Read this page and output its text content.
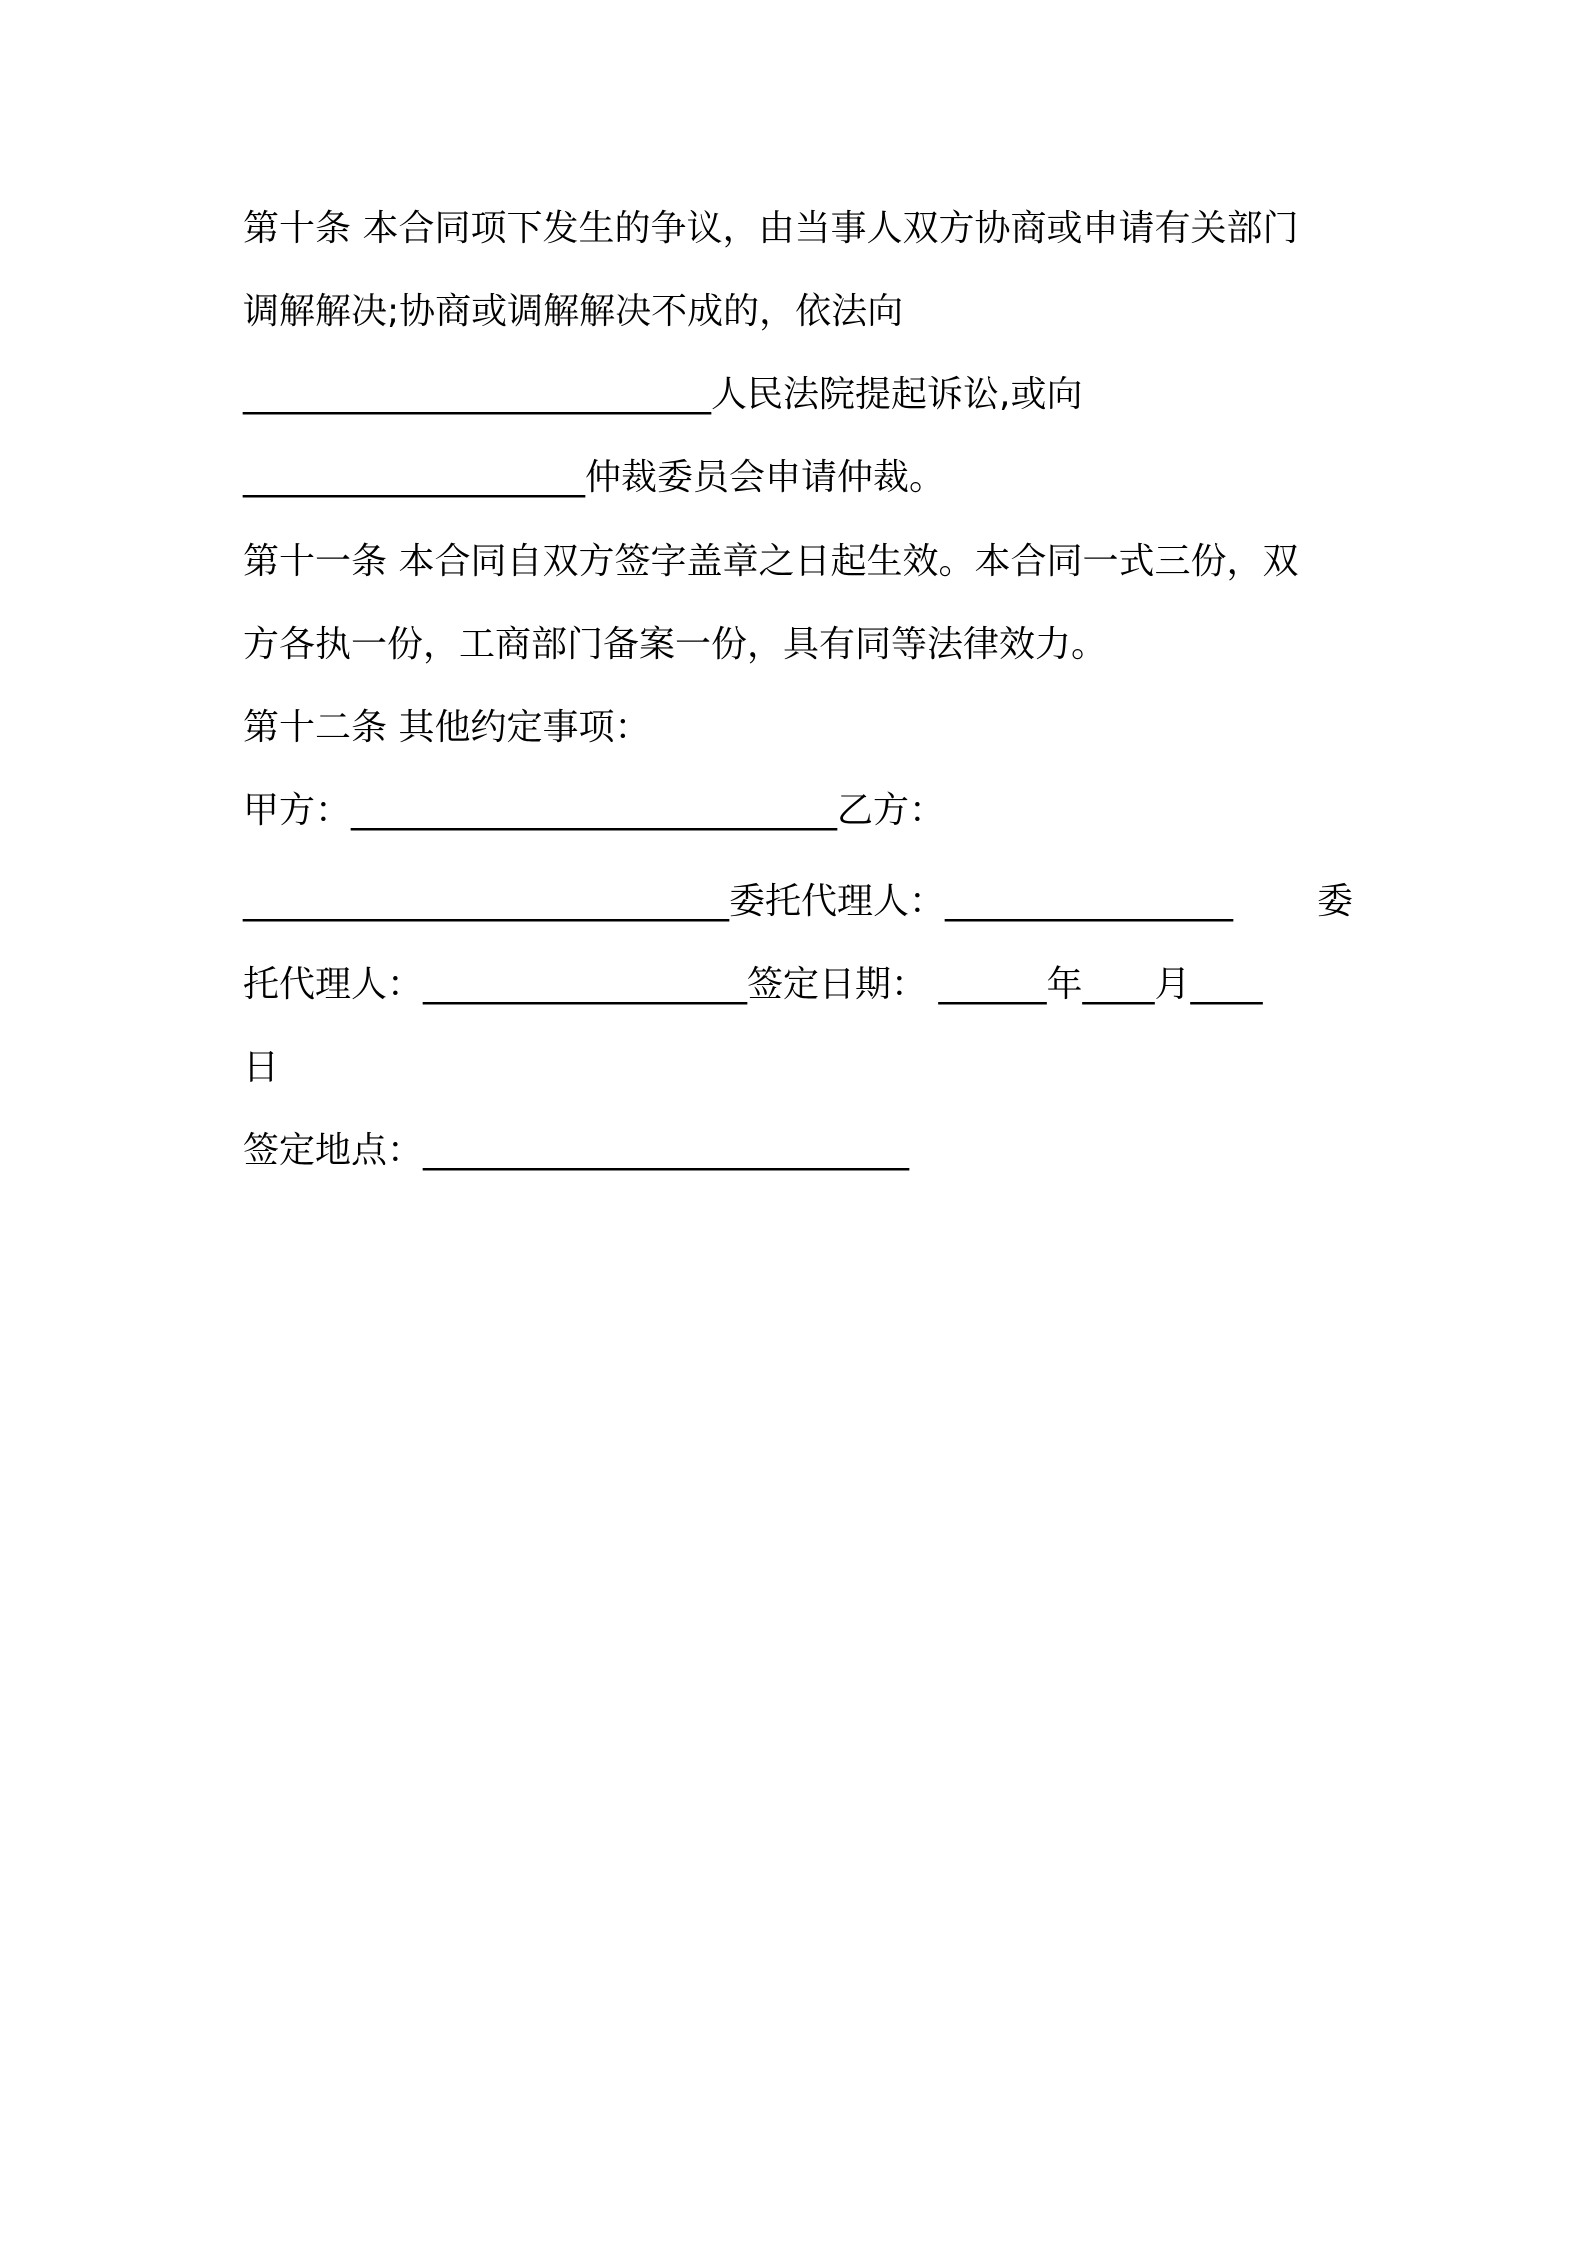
第十条 本合同项下发生的争议，由当事人双方协商或申请有关部门
调解解决;协商或调解解决不成的，依法向
__________________________人民法院提起诉讼,或向
___________________仲裁委员会申请仲裁。
第十一条 本合同自双方签字盖章之日起生效。本合同一式三份，双
方各执一份，工商部门备案一份，具有同等法律效力。
第十二条 其他约定事项：
甲方：___________________________乙方：
___________________________委托代理人：________________ 委
托代理人：__________________签定日期： ______年____月____
日
签定地点：___________________________
